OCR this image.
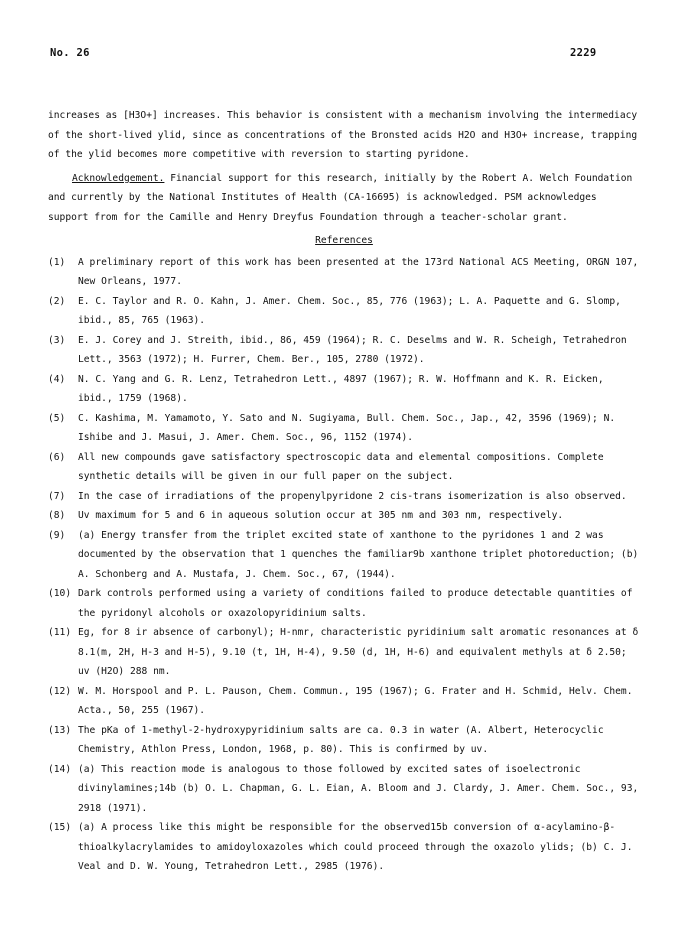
No. 26	2229

increases as [H3O+] increases. This behavior is consistent with a mechanism involving the intermediacy of the short-lived ylid, since as concentrations of the Bronsted acids H2O and H3O+ increase, trapping of the ylid becomes more competitive with reversion to starting pyridone.

Acknowledgement. Financial support for this research, initially by the Robert A. Welch Foundation and currently by the National Institutes of Health (CA-16695) is acknowledged. PSM acknowledges support from for the Camille and Henry Dreyfus Foundation through a teacher-scholar grant.

References
(1)	A preliminary report of this work has been presented at the 173rd National ACS Meeting, ORGN 107, New Orleans, 1977.
(2)	E. C. Taylor and R. O. Kahn, J. Amer. Chem. Soc., 85, 776 (1963); L. A. Paquette and G. Slomp, ibid., 85, 765 (1963).
(3)	E. J. Corey and J. Streith, ibid., 86, 459 (1964); R. C. Deselms and W. R. Scheigh, Tetrahedron Lett., 3563 (1972); H. Furrer, Chem. Ber., 105, 2780 (1972).
(4)	N. C. Yang and G. R. Lenz, Tetrahedron Lett., 4897 (1967); R. W. Hoffmann and K. R. Eicken, ibid., 1759 (1968).
(5)	C. Kashima, M. Yamamoto, Y. Sato and N. Sugiyama, Bull. Chem. Soc., Jap., 42, 3596 (1969); N. Ishibe and J. Masui, J. Amer. Chem. Soc., 96, 1152 (1974).
(6)	All new compounds gave satisfactory spectroscopic data and elemental compositions. Complete synthetic details will be given in our full paper on the subject.
(7)	In the case of irradiations of the propenylpyridone 2 cis-trans isomerization is also observed.
(8)	Uv maximum for 5 and 6 in aqueous solution occur at 305 nm and 303 nm, respectively.
(9)	(a) Energy transfer from the triplet excited state of xanthone to the pyridones 1 and 2 was documented by the observation that 1 quenches the familiar9b xanthone triplet photoreduction; (b) A. Schonberg and A. Mustafa, J. Chem. Soc., 67, (1944).
(10) Dark controls performed using a variety of conditions failed to produce detectable quantities of the pyridonyl alcohols or oxazolopyridinium salts.
(11) Eg, for 8 ir absence of carbonyl); H-nmr, characteristic pyridinium salt aromatic resonances at δ 8.1(m, 2H, H-3 and H-5), 9.10 (t, 1H, H-4), 9.50 (d, 1H, H-6) and equivalent methyls at δ 2.50; uv (H2O) 288 nm.
(12) W. M. Horspool and P. L. Pauson, Chem. Commun., 195 (1967); G. Frater and H. Schmid, Helv. Chem. Acta., 50, 255 (1967).
(13) The pKa of 1-methyl-2-hydroxypyridinium salts are ca. 0.3 in water (A. Albert, Heterocyclic Chemistry, Athlon Press, London, 1968, p. 80). This is confirmed by uv.
(14) (a) This reaction mode is analogous to those followed by excited sates of isoelectronic divinylamines;14b (b) O. L. Chapman, G. L. Eian, A. Bloom and J. Clardy, J. Amer. Chem. Soc., 93, 2918 (1971).
(15) (a) A process like this might be responsible for the observed15b conversion of α-acylamino-β-thioalkylacrylamides to amidoyloxazoles which could proceed through the oxazolo ylids; (b) C. J. Veal and D. W. Young, Tetrahedron Lett., 2985 (1976).
